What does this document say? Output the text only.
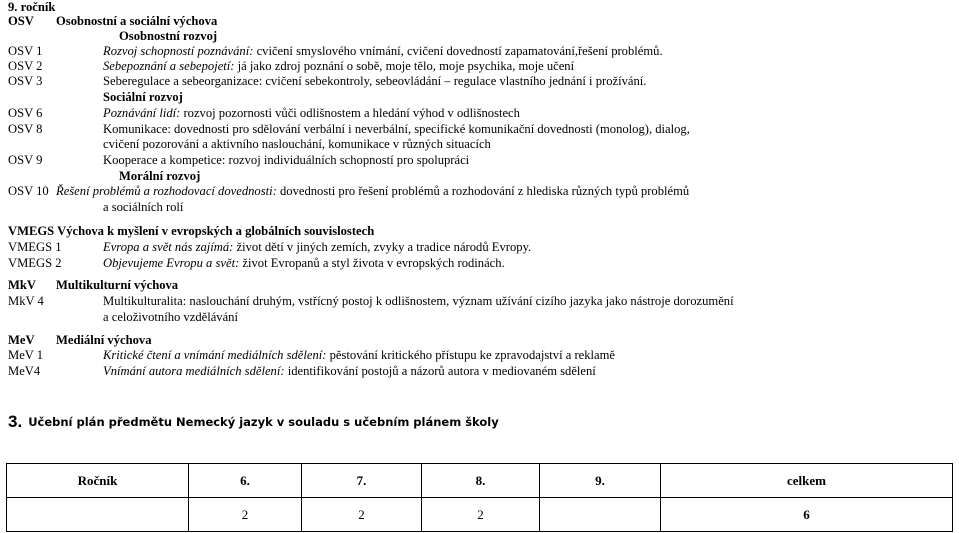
9. ročník
OSV Osobnostní a sociální výchova
Osobnostní rozvoj
OSV 1	Rozvoj schopností poznávání: cvičení smyslového vnímání, cvičení dovedností zapamatování,řešení problémů.
OSV 2	Sebepoznání a sebepojetí: já jako zdroj poznání o sobě, moje tělo, moje psychika, moje učení
OSV 3	Seberegulace a sebeorganizace: cvičení sebekontroly, sebeovládání – regulace vlastního jednání i prožívání.
Sociální rozvoj
OSV 6	Poznávání lidí: rozvoj pozornosti vůči odlišnostem a hledání výhod v odlišnostech
OSV 8	Komunikace: dovednosti pro sdělování verbální i neverbální, specifické komunikační dovednosti (monolog), dialog,
cvičení pozorování a aktivního naslouchání, komunikace v různých situacích
OSV 9	Kooperace a kompetice: rozvoj individuálních schopností pro spolupráci
Morální rozvoj
OSV 10 Řešení problémů a rozhodovací dovednosti: dovednosti pro řešení problémů a rozhodování z hlediska různých typů problémů
a sociálních rolí
VMEGS Výchova k myšlení v evropských a globálních souvislostech
VMEGS 1	Evropa a svět nás zajímá: život dětí v jiných zemích, zvyky a tradice národů Evropy.
VMEGS 2	Objevujeme Evropu a svět: život Evropanů a styl života v evropských rodinách.
MkV Multikulturní výchova
MkV 4	Multikulturalita: naslouchání druhým, vstřícný postoj k odlišnostem, význam užívání cizího jazyka jako nástroje dorozumění
a celoživotního vzdělávání
MeV Mediální výchova
MeV 1	Kritické čtení a vnímání mediálních sdělení: pěstování kritického přístupu ke zpravodajství a reklamě
MeV4	Vnímání autora mediálních sdělení: identifikování postojů a názorů autora v mediovaném sdělení
3. Učební plán předmětu Nemecký jazyk v souladu s učebním plánem školy
Ročník	6.	7.	8.	9.	celkem
	2	2	2		6
